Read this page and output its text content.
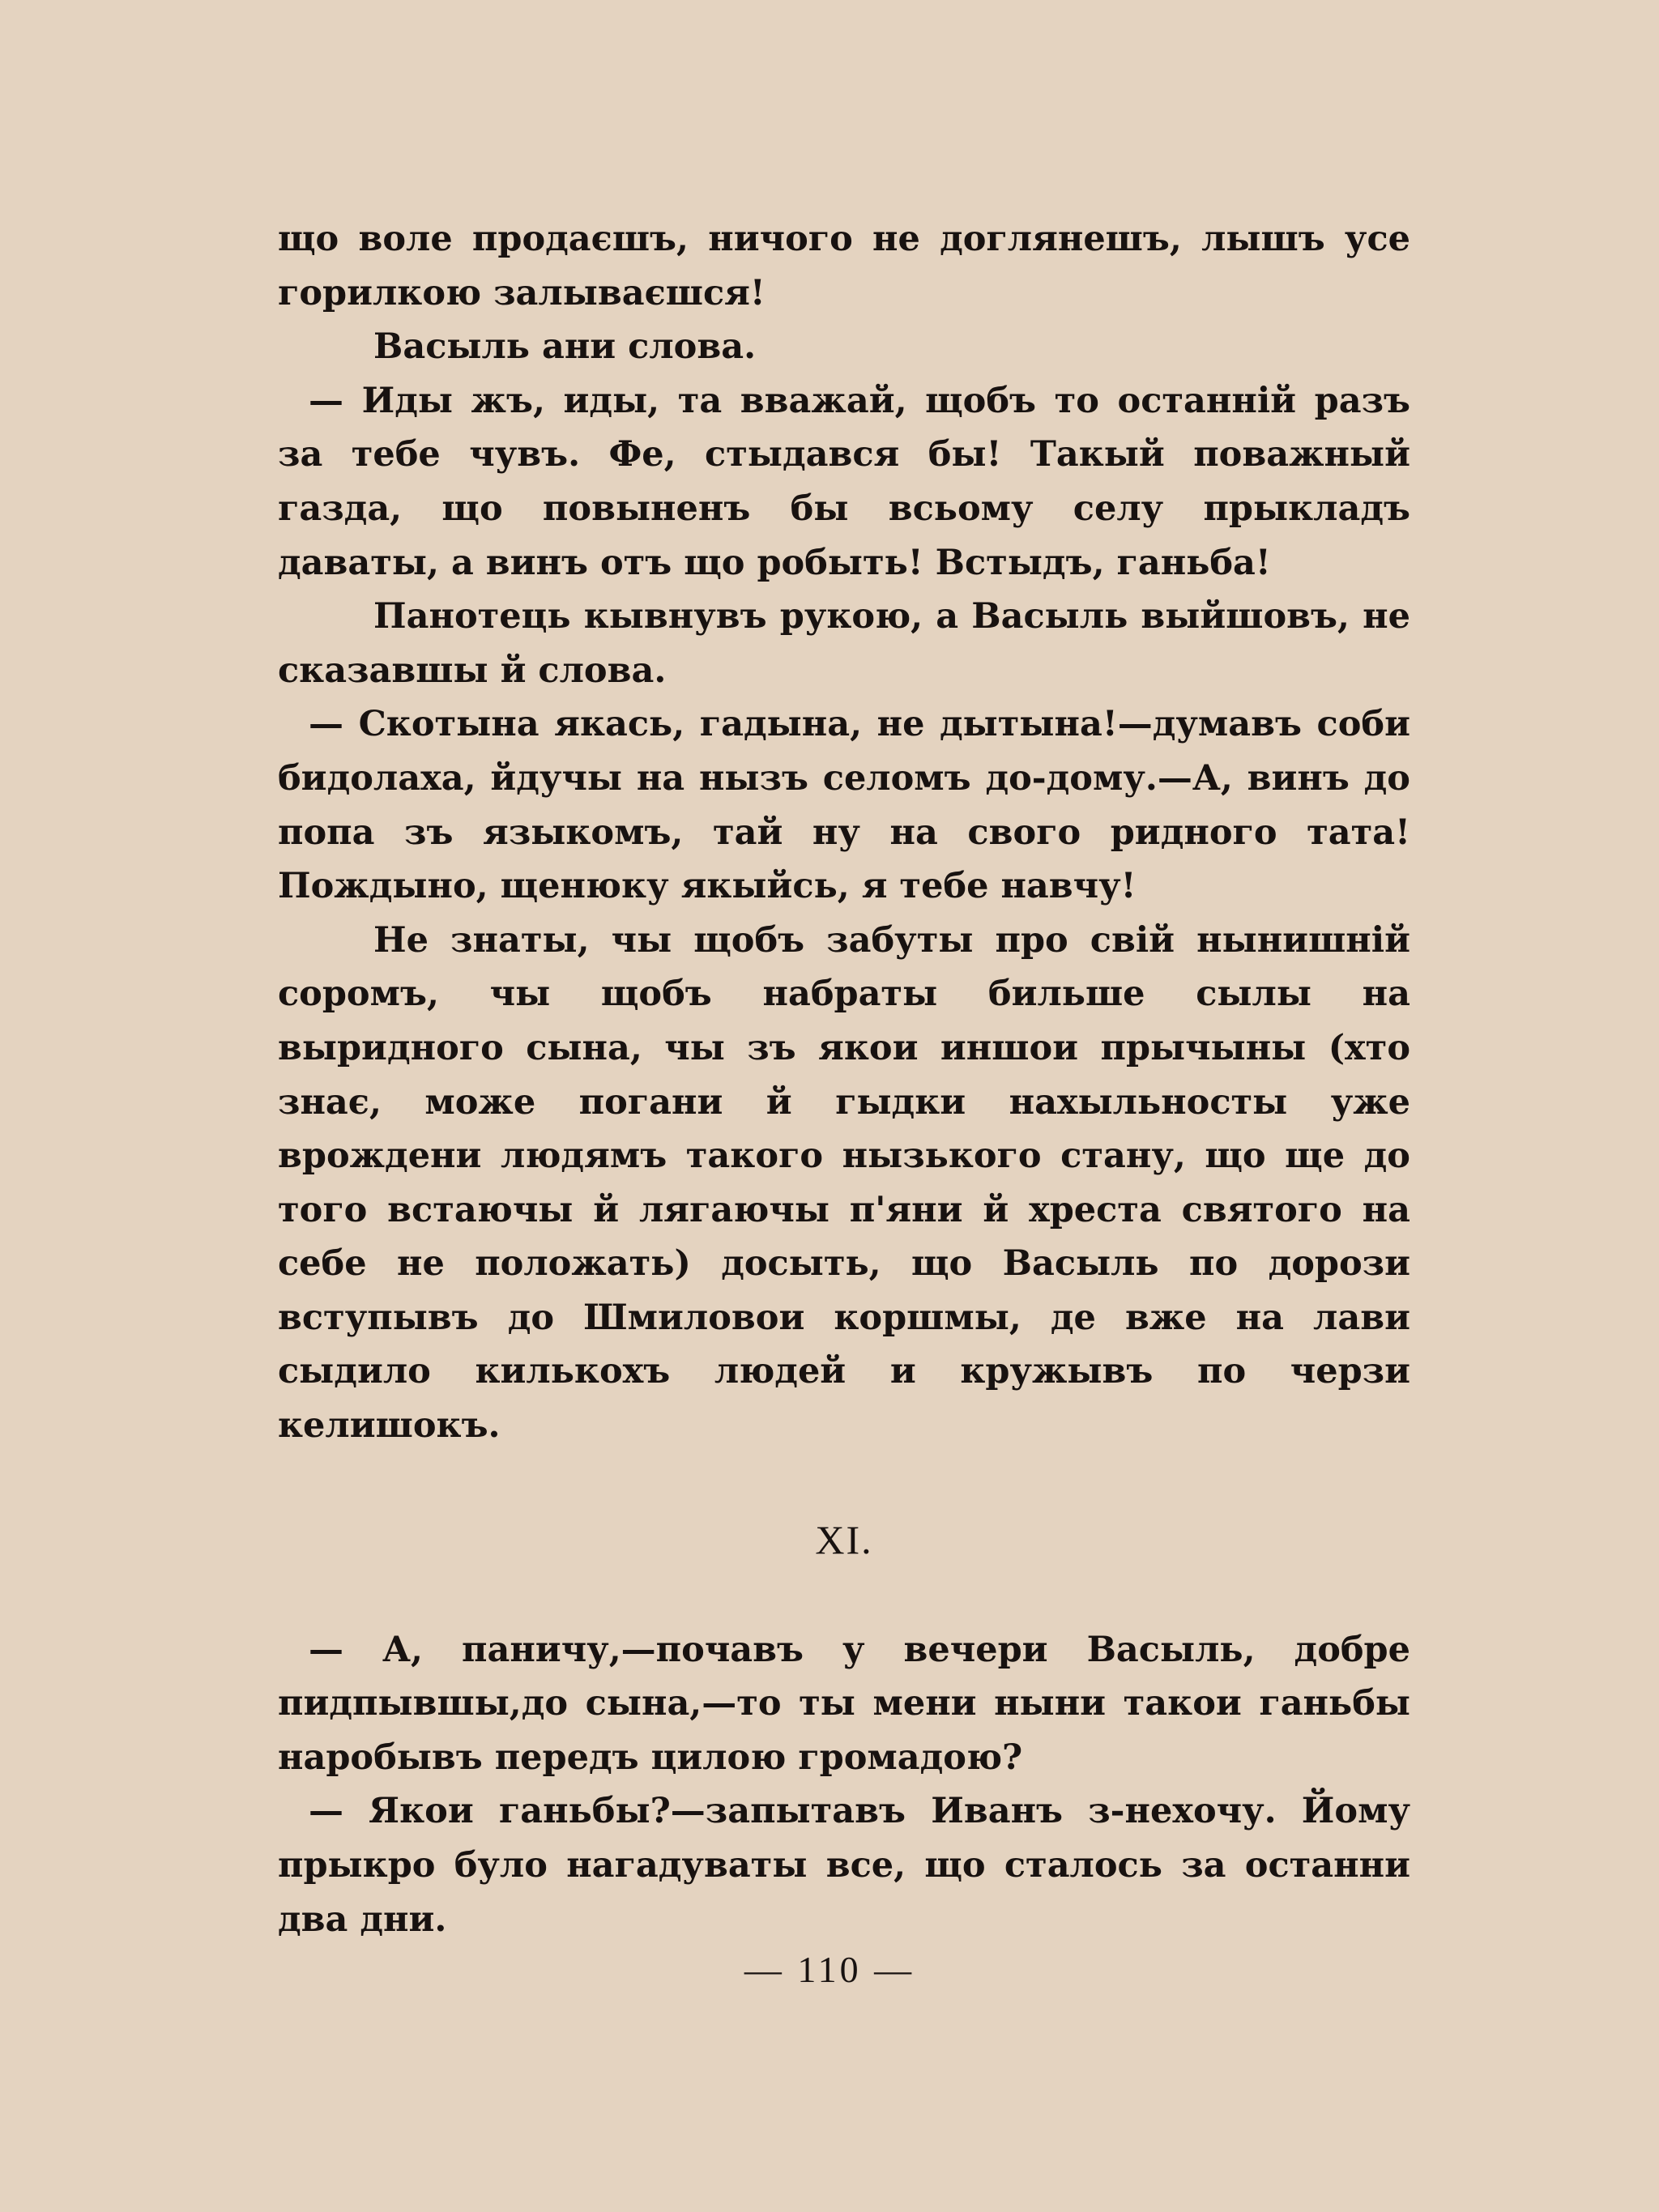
що воле продаєшъ, ничого не доглянешъ, лышъ усе горилкою залываєшся!

Васыль ани слова.

— Иды жъ, иды, та вважай, щобъ то останній разъ за тебе чувъ. Фе, стыдався бы! Такый поважный газда, що повыненъ бы всьому селу прыкладъ даваты, а винъ отъ що робыть! Встыдъ, ганьба!

Панотець кывнувъ рукою, а Васыль выйшовъ, не сказавшы й слова.

— Скотына якась, гадына, не дытына!—думавъ соби бидолаха, йдучы на нызъ селомъ до-дому.—А, винъ до попа зъ языкомъ, тай ну на свого ридного тата! Пождыно, щенюку якыйсь, я тебе навчу!

Не знаты, чы щобъ забуты про свій нынишній соромъ, чы щобъ набраты бильше сылы на выридного сына, чы зъ якои иншои прычыны (хто знає, може погани й гыдки нахыльносты уже врождени людямъ такого нызького стану, що ще до того встаючы й лягаючы п'яни й хреста святого на себе не положать) досыть, що Васыль по дорози вступывъ до Шмиловои коршмы, де вже на лави сыдило килькохъ людей и кружывъ по черзи келишокъ.

XI.

— А, паничу,—почавъ у вечери Васыль, добре пидпывшы,до сына,—то ты мени ныни такои ганьбы наробывъ передъ цилою громадою?

— Якои ганьбы?—запытавъ Иванъ з-нехочу. Йому прыкро було нагадуваты все, що сталось за останни два дни.

— 110 —
